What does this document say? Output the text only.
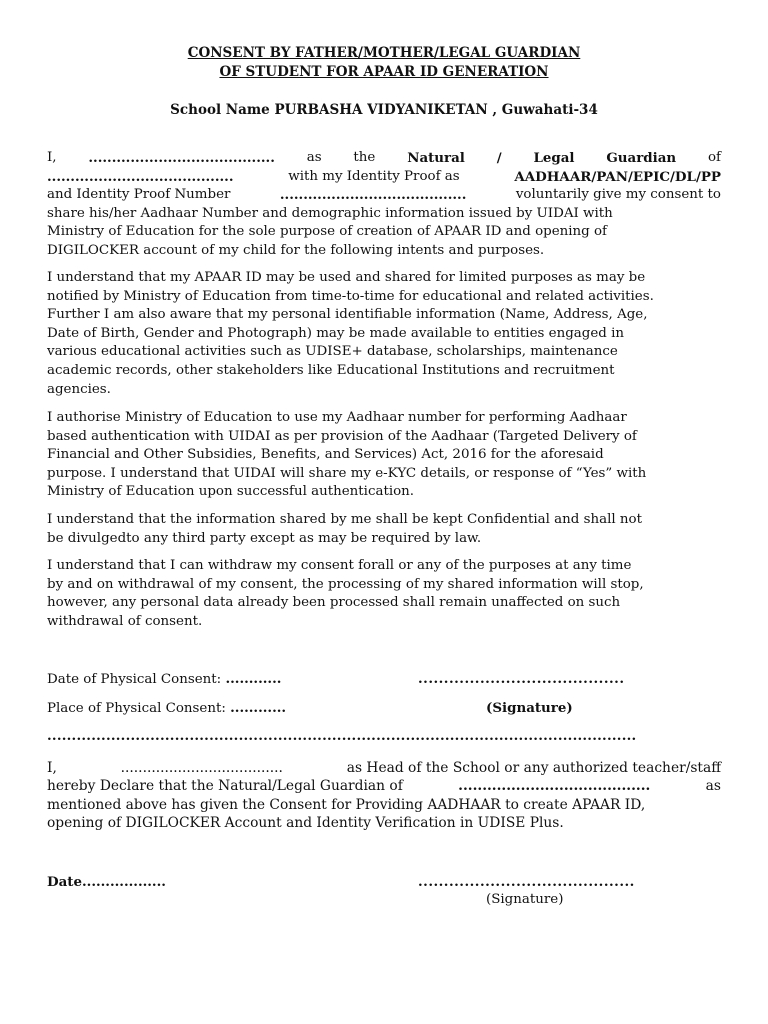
CONSENT BY FATHER/MOTHER/LEGAL GUARDIAN
OF STUDENT FOR APAAR ID GENERATION
School Name PURBASHA VIDYANIKETAN , Guwahati-34
I, ........................................ as the Natural / Legal Guardian of
........................................	with my Identity Proof as	AADHAAR/PAN/EPIC/DL/PP
and Identity Proof Number	........................................	voluntarily give my consent to
share his/her Aadhaar Number and demographic information issued by UIDAI with
Ministry of Education for the sole purpose of creation of APAAR ID and opening of
DIGILOCKER account of my child for the following intents and purposes.
I understand that my APAAR ID may be used and shared for limited purposes as may be
notified by Ministry of Education from time-to-time for educational and related activities.
Further I am also aware that my personal identifiable information (Name, Address, Age,
Date of Birth, Gender and Photograph) may be made available to entities engaged in
various educational activities such as UDISE+ database, scholarships, maintenance
academic records, other stakeholders like Educational Institutions and recruitment
agencies.
I authorise Ministry of Education to use my Aadhaar number for performing Aadhaar
based authentication with UIDAI as per provision of the Aadhaar (Targeted Delivery of
Financial and Other Subsidies, Benefits, and Services) Act, 2016 for the aforesaid
purpose. I understand that UIDAI will share my e-KYC details, or response of “Yes” with
Ministry of Education upon successful authentication.
I understand that the information shared by me shall be kept Confidential and shall not
be divulgedto any third party except as may be required by law.
I understand that I can withdraw my consent forall or any of the purposes at any time
by and on withdrawal of my consent, the processing of my shared information will stop,
however, any personal data already been processed shall remain unaffected on such
withdrawal of consent.
Date of Physical Consent: ............	........................................
Place of Physical Consent: ............	(Signature)
........................................................................................................................
I,	.....................................	as Head of the School or any authorized teacher/staff
hereby Declare that the Natural/Legal Guardian of	........................................	as
mentioned above has given the Consent for Providing AADHAAR to create APAAR ID,
opening of DIGILOCKER Account and Identity Verification in UDISE Plus.
Date..................	..........................................
(Signature)
